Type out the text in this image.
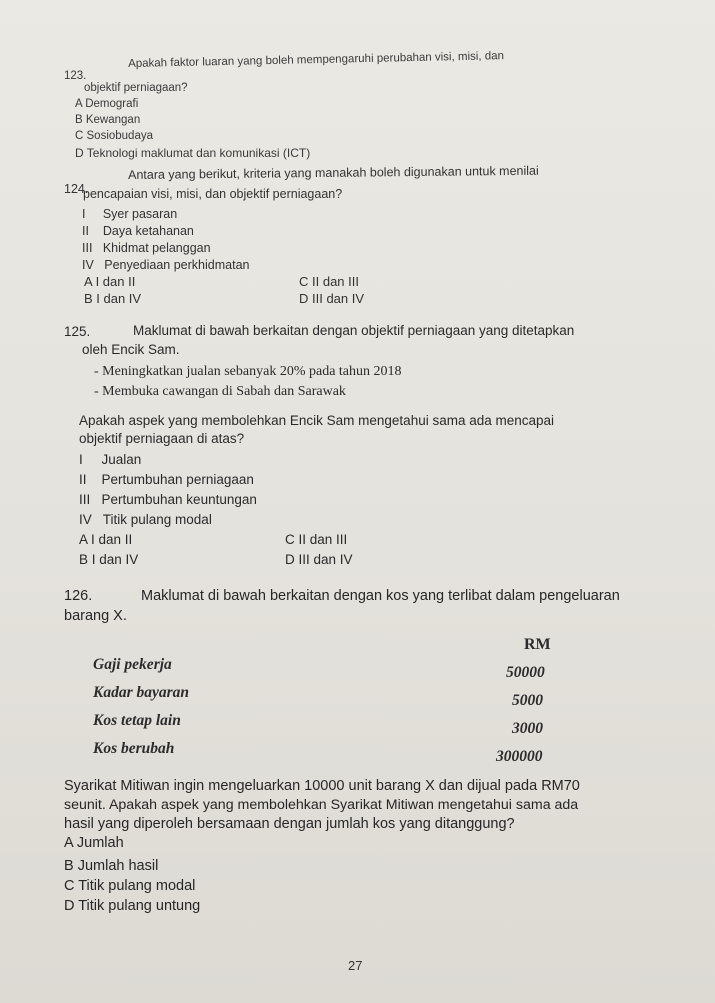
123.
Apakah faktor luaran yang boleh mempengaruhi perubahan visi, misi, dan
objektif perniagaan?
A Demografi
B Kewangan
C Sosiobudaya
D Teknologi maklumat dan komunikasi (ICT)
124.
Antara yang berikut, kriteria yang manakah boleh digunakan untuk menilai
pencapaian visi, misi, dan objektif perniagaan?
I     Syer pasaran
II    Daya ketahanan
III   Khidmat pelanggan
IV   Penyediaan perkhidmatan
A I dan II
B I dan IV
C II dan III
D III dan IV
125.	Maklumat di bawah berkaitan dengan objektif perniagaan yang ditetapkan
oleh Encik Sam.
- Meningkatkan jualan sebanyak 20% pada tahun 2018
- Membuka cawangan di Sabah dan Sarawak
Apakah aspek yang membolehkan Encik Sam mengetahui sama ada mencapai
objektif perniagaan di atas?
I     Jualan
II    Pertumbuhan perniagaan
III   Pertumbuhan keuntungan
IV   Titik pulang modal
A I dan II
B I dan IV
C II dan III
D III dan IV
126.	Maklumat di bawah berkaitan dengan kos yang terlibat dalam pengeluaran
barang X.
RM
Gaji pekerja	50000
Kadar bayaran	5000
Kos tetap lain	3000
Kos berubah	300000
Syarikat Mitiwan ingin mengeluarkan 10000 unit barang X dan dijual pada RM70
seunit. Apakah aspek yang membolehkan Syarikat Mitiwan mengetahui sama ada
hasil yang diperoleh bersamaan dengan jumlah kos yang ditanggung?
A Jumlah
B Jumlah hasil
C Titik pulang modal
D Titik pulang untung
27
